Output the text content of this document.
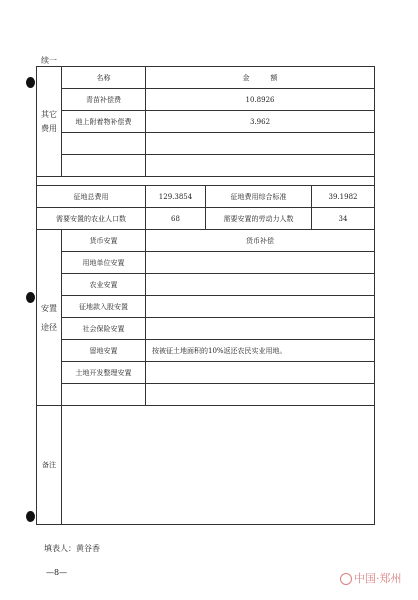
续一
其它费用	名称	金　　　额		
	青苗补偿费	10.8926		
	地上附着物补偿费	3.962		

征地总费用		129.3854	征地费用综合标准	39.1982
需要安置的农业人口数		68	需要安置的劳动力人数	34
安置途径	货币安置	货币补偿		
	用地单位安置			
	农业安置			
	征地款入股安置			
	社会保险安置			
	留地安置	按被征土地面积的10%返还农民实业用地。		
	土地开发整理安置			

备注				
填表人：黄谷香
—8—	中国·郑州
